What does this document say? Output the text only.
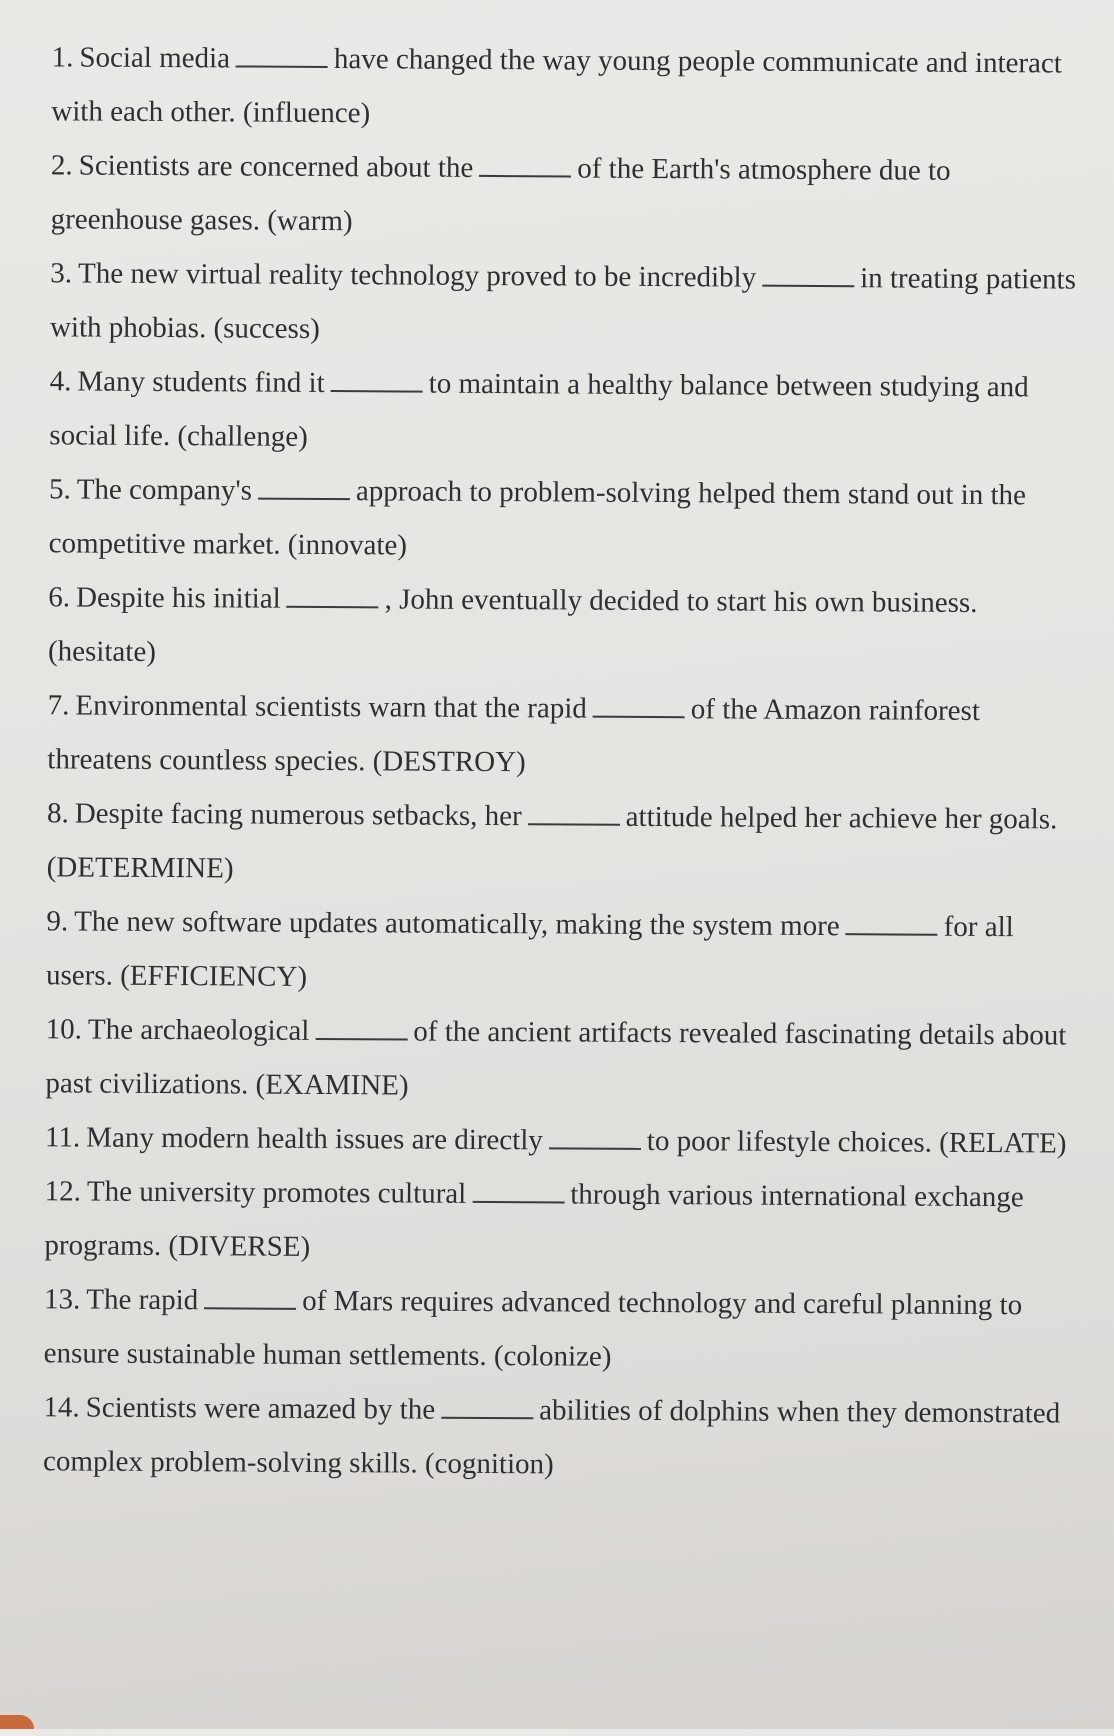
1. Social media	have changed the way young people communicate and interact with each other. (influence)

2. Scientists are concerned about the	of the Earth's atmosphere due to greenhouse gases. (warm)

3. The new virtual reality technology proved to be incredibly	in treating patients with phobias. (success)

4. Many students find it	to maintain a healthy balance between studying and social life. (challenge)

5. The company's	approach to problem-solving helped them stand out in the competitive market. (innovate)

6. Despite his initial	, John eventually decided to start his own business. (hesitate)

7. Environmental scientists warn that the rapid	of the Amazon rainforest threatens countless species. (DESTROY)

8. Despite facing numerous setbacks, her	attitude helped her achieve her goals. (DETERMINE)

9. The new software updates automatically, making the system more	for all users. (EFFICIENCY)

10. The archaeological	of the ancient artifacts revealed fascinating details about past civilizations. (EXAMINE)

11. Many modern health issues are directly	to poor lifestyle choices. (RELATE)

12. The university promotes cultural	through various international exchange programs. (DIVERSE)

13. The rapid	of Mars requires advanced technology and careful planning to ensure sustainable human settlements. (colonize)

14. Scientists were amazed by the	abilities of dolphins when they demonstrated complex problem-solving skills. (cognition)
